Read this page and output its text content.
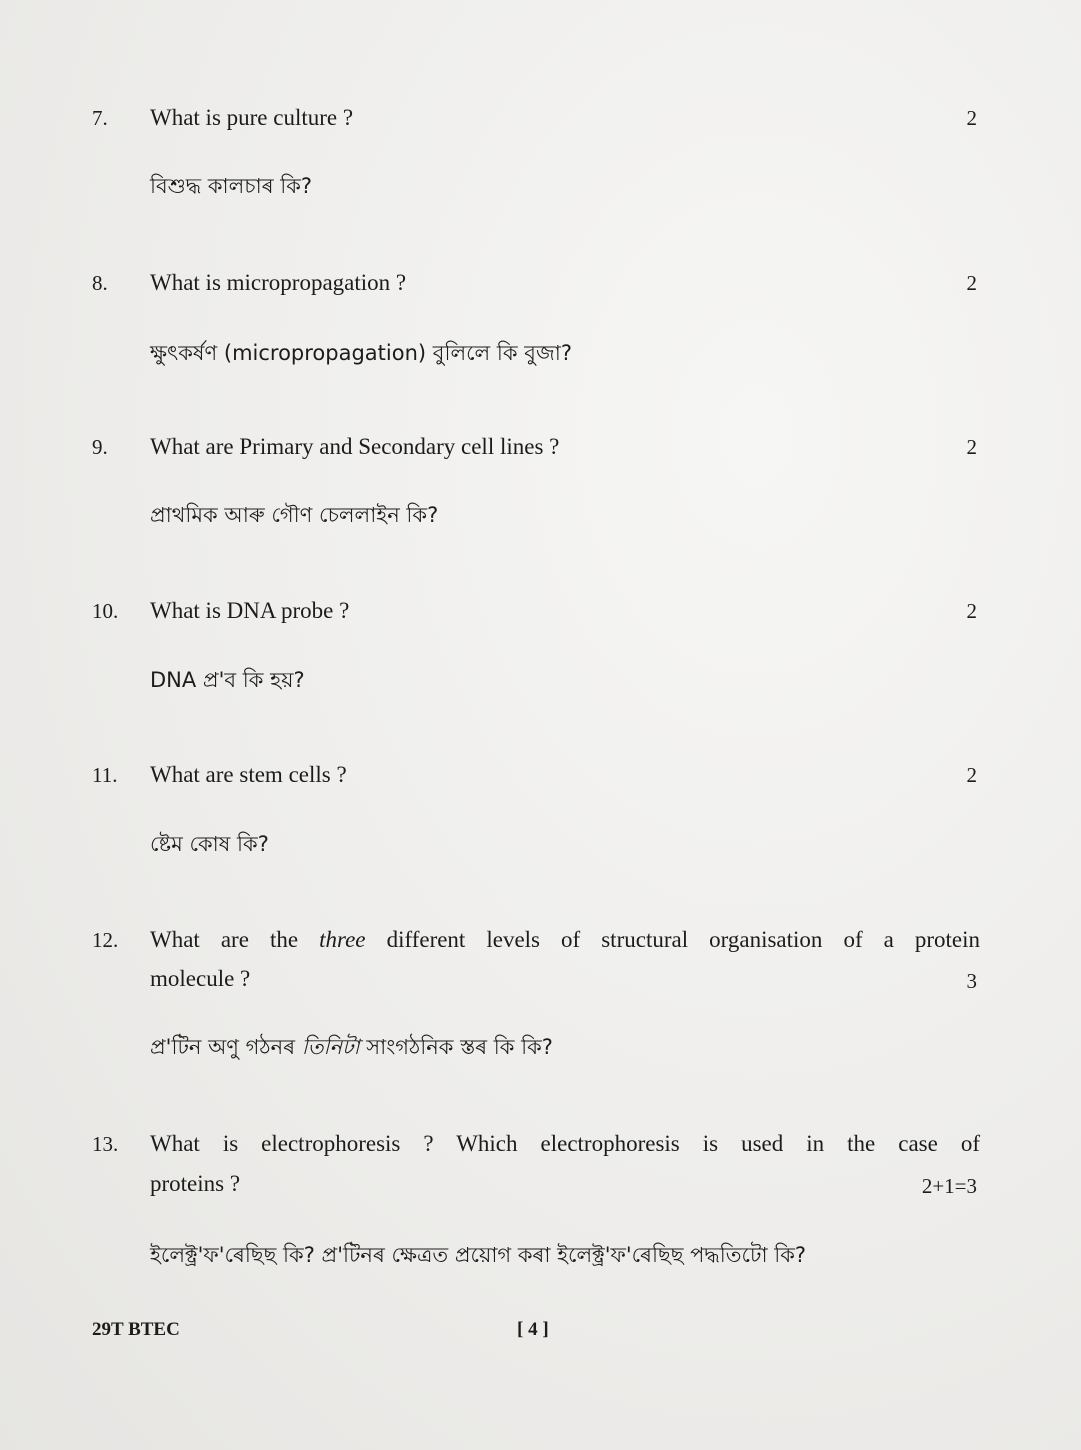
7. What is pure culture ?	2
বিশুদ্ধ কালচাৰ কি?
8. What is micropropagation ?	2
ক্ষুৎকৰ্ষণ (micropropagation) বুলিলে কি বুজা?
9. What are Primary and Secondary cell lines ?	2
প্ৰাথমিক আৰু গৌণ চেললাইন কি?
10. What is DNA probe ?	2
DNA প্ৰ'ব কি হয়?
11. What are stem cells ?	2
ষ্টেম কোষ কি?
12. What are the three different levels of structural organisation of a protein
molecule ?	3
প্ৰ'টিন অণু গঠনৰ তিনিটা সাংগঠনিক স্তৰ কি কি?
13. What is electrophoresis ? Which electrophoresis is used in the case of
proteins ?	2+1=3
ইলেক্ট্ৰ'ফ'ৰেছিছ কি? প্ৰ'টিনৰ ক্ষেত্ৰত প্ৰয়োগ কৰা ইলেক্ট্ৰ'ফ'ৰেছিছ পদ্ধতিটো কি?
29T BTEC	[ 4 ]
